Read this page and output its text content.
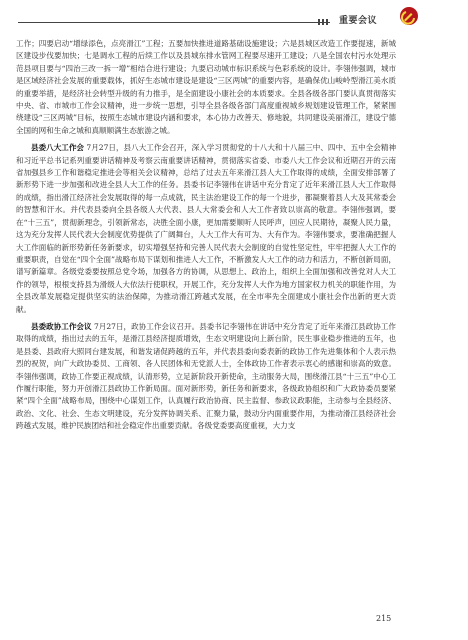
重要会议

工作；四要启动“增绿添色，点亮滑江”工程；五要加快推进道路基础设施建设；六是县城区改造工作要提速，新城区建设步伐要加快；七是调水工程的后续工作以及县城东排水管网工程要尽速开工建设；八是全国农村污水处理示范县项目要与“四治三改一拆一增”相结合进行建设；九要启动城市标识系统与色彩系统的设计。李翎伟强调，城市是区域经济社会发展的重要载体，抓好生态城市建设是建设“三区两城”的重要内容，是确保优山峻岭型滑江美水质的重要举措，是经济社会转型升级的有力推手，是全面建设小康社会的本质要求。全县各级各部门要认真贯彻落实中央、省、市城市工作会议精神，进一步统一思想，引导全县各级各部门高度重视城乡规划建设管理工作，紧紧围绕建设“三区两城”目标，按照生态城市建设内涵和要求，本心协力改善天、修地貌，共同建设美丽滑江，建设宁德全国的网和生命之城和真顺顺满生态旅游之城。

县委八大工作会 7月27日，县八大工作会召开，深入学习贯彻党的十八大和十八届三中、四中、五中全会精神和习近平总书记系列重要讲话精神及考察云南重要讲话精神，贯彻落实省委、市委八大工作会议和近期召开的云南省加强县乡工作和谐稳定推进会等相关会议精神，总结了过去五年来滑江县人大工作取得的成绩，全面安排部署了新形势下进一步加强和改进全县人大工作的任务。县委书记李翎伟在讲话中充分肯定了近年来滑江县人大工作取得的成绩，指出滑江经济社会发展取得的每一点成就，民主法治建设工作的每一个进步，都凝聚着县人大及其常委会的智慧和汗水。并代表县委向全县各级人大代表、县人大常委会和人大工作者致以崇高的敬意。李翎伟强调，要在“十三五”，贯彻新理念，引领新常态，决胜全面小康，更加需要顺听人民呼声，回应人民期待，凝聚人民力量，这为充分发挥人民代表大会制度优势提供了广阔舞台，人大工作大有可为、大有作为。李翎伟要求，要准确把握人大工作面临的新形势新任务新要求，切实增强坚持和完善人民代表大会制度的自觉性坚定性，牢牢把握人大工作的重要职责，自觉在“四个全面”战略布局下谋划和推进人大工作，不断激发人大工作的动力和活力，不断创新局面，谱写新篇章。各级党委要按照总党令场，加强各方的协调，从思想上、政治上，组织上全面加强和改善党对人大工作的领导，根根支持县为滑级人大依法行使职权，开展工作，充分发挥人大作为地方国家权力机关的职能作用，为全县改革发展稳定提供坚实的法治保障，为推动滑江跨越式发展，在全市率先全面建成小康社会作出新的更大贡献。

县委政协工作会议 7月27日，政协工作会议召开。县委书记李翎伟在讲话中充分肯定了近年来滑江县政协工作取得的成绩，指出过去的五年，是滑江县经济提质增效，生态文明建设向上新台阶，民生事业稳步推进的五年，也是县委、县政府大照同台建发展，和谐发诸促跨越的五年，并代表县委向委表新的政协工作先进集体和个人表示热烈的祝贺，向广大政协委员、工商领、各人民团体和无党派人士，全体政协工作者表示衷心的感谢和崇高的致意。李翎伟强调，政协工作要正视成绩，认清形势，立足新阶段开新使命，主动服务大局，围绕滑江县“十三五”中心工作履行职能，努力开创滑江县政协工作新局面。面对新形势，新任务和新要求，各级政协组织和广大政协委员要紧紧“四个全面”战略布局，围绕中心谋划工作，认真履行政治协商、民主监督、参政议政职能，主动参与全县经济、政治、文化、社会、生态文明建设，充分发挥协调关系、汇聚力量，鼓动分内面重要作用，为推动滑江县经济社会跨越式发展，维护民族团结和社会稳定作出重要贡献。各级党委要高度重视，大力支

215
